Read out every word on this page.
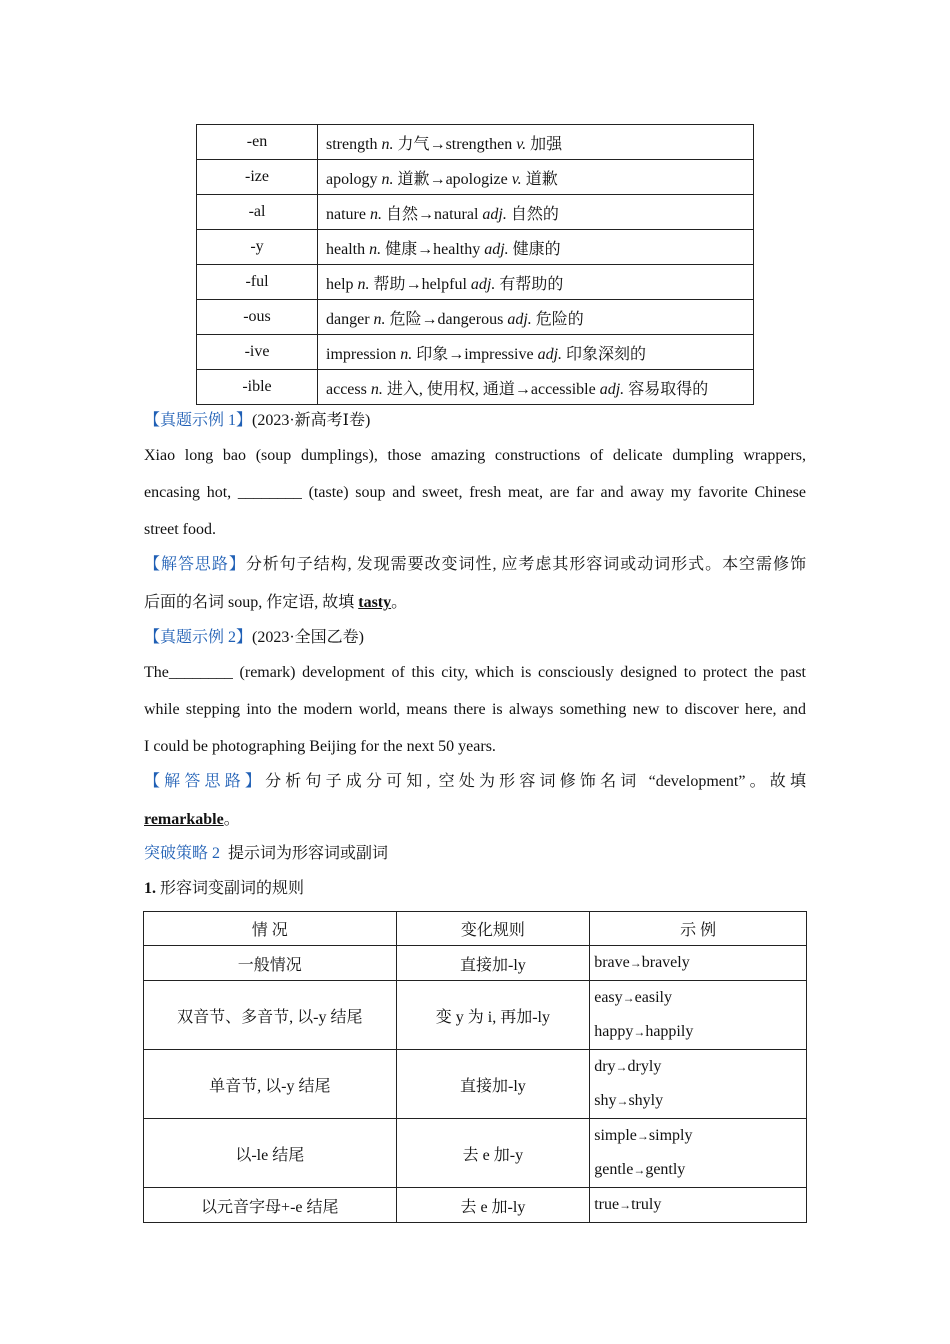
-en	strength n. 力气→strengthen v. 加强
-ize	apology n. 道歉→apologize v. 道歉
-al	nature n. 自然→natural adj. 自然的
-y	health n. 健康→healthy adj. 健康的
-ful	help n. 帮助→helpful adj. 有帮助的
-ous	danger n. 危险→dangerous adj. 危险的
-ive	impression n. 印象→impressive adj. 印象深刻的
-ible	access n. 进入, 使用权, 通道→accessible adj. 容易取得的
【真题示例 1】(2023·新高考Ⅰ卷)
Xiao long bao (soup dumplings), those amazing constructions of delicate dumpling wrappers,
encasing hot, ________ (taste) soup and sweet, fresh meat, are far and away my favorite Chinese
street food.
【解答思路】分析句子结构, 发现需要改变词性, 应考虑其形容词或动词形式。本空需修饰
后面的名词 soup, 作定语, 故填 tasty。
【真题示例 2】(2023·全国乙卷)
The________ (remark) development of this city, which is consciously designed to protect the past
while stepping into the modern world, means there is always something new to discover here, and
I could be photographing Beijing for the next 50 years.
【解答思路】分析句子成分可知, 空处为形容词修饰名词 “development”。故填
remarkable。
突破策略 2 提示词为形容词或副词
1. 形容词变副词的规则
情 况	变化规则	示 例
一般情况	直接加-ly	brave→bravely

双音节、多音节, 以-y 结尾	变 y 为 i, 再加-ly	easy→easily
happy→happily

单音节, 以-y 结尾	直接加-ly	dry→dryly
shy→shyly

以-le 结尾	去 e 加-y	simple→simply
gentle→gently

以元音字母+-e 结尾	去 e 加-ly	true→truly
